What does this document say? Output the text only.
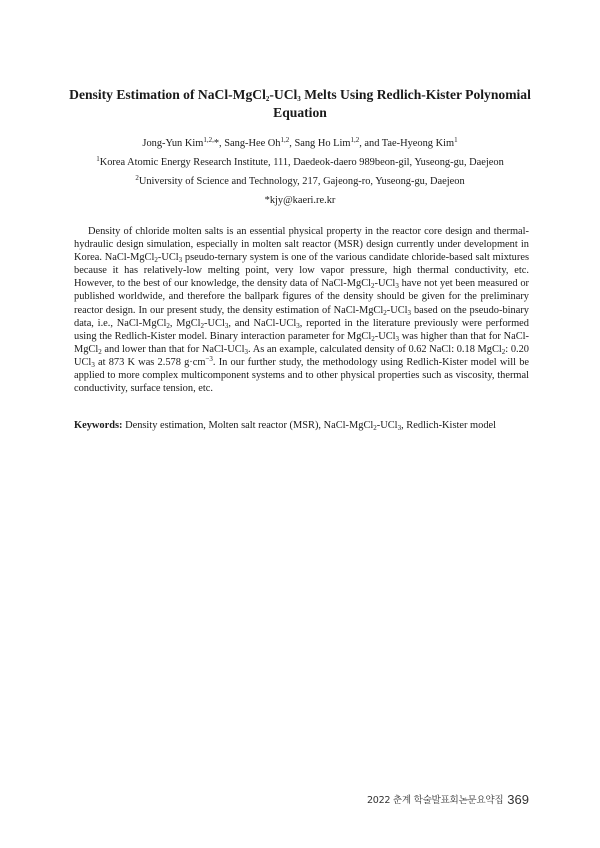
Density Estimation of NaCl-MgCl$_2$-UCl$_3$ Melts Using Redlich-Kister Polynomial Equation
Jong-Yun Kim$^{1,2,}$*, Sang-Hee Oh$^{1,2}$, Sang Ho Lim$^{1,2}$, and Tae-Hyeong Kim$^1$
$^1$Korea Atomic Energy Research Institute, 111, Daedeok-daero 989beon-gil, Yuseong-gu, Daejeon
$^2$University of Science and Technology, 217, Gajeong-ro, Yuseong-gu, Daejeon
*kjy@kaeri.re.kr
Density of chloride molten salts is an essential physical property in the reactor core design and thermal-hydraulic design simulation, especially in molten salt reactor (MSR) design currently under development in Korea. NaCl-MgCl$_2$-UCl$_3$ pseudo-ternary system is one of the various candidate chloride-based salt mixtures because it has relatively-low melting point, very low vapor pressure, high thermal conductivity, etc. However, to the best of our knowledge, the density data of NaCl-MgCl$_2$-UCl$_3$ have not yet been measured or published worldwide, and therefore the ballpark figures of the density should be given for the preliminary reactor design. In our present study, the density estimation of NaCl-MgCl$_2$-UCl$_3$ based on the pseudo-binary data, i.e., NaCl-MgCl$_2$, MgCl$_2$-UCl$_3$, and NaCl-UCl$_3$, reported in the literature previously were performed using the Redlich-Kister model. Binary interaction parameter for MgCl$_2$-UCl$_3$ was higher than that for NaCl-MgCl$_2$ and lower than that for NaCl-UCl$_3$. As an example, calculated density of 0.62 NaCl: 0.18 MgCl$_2$: 0.20 UCl$_3$ at 873 K was 2.578 $g\cdot cm^{-3}$. In our further study, the methodology using Redlich-Kister model will be applied to more complex multicomponent systems and to other physical properties such as viscosity, thermal conductivity, surface tension, etc.
Keywords: Density estimation, Molten salt reactor (MSR), NaCl-MgCl$_2$-UCl$_3$, Redlich-Kister model
2022 춘계 학술발표회논문요약집 369
